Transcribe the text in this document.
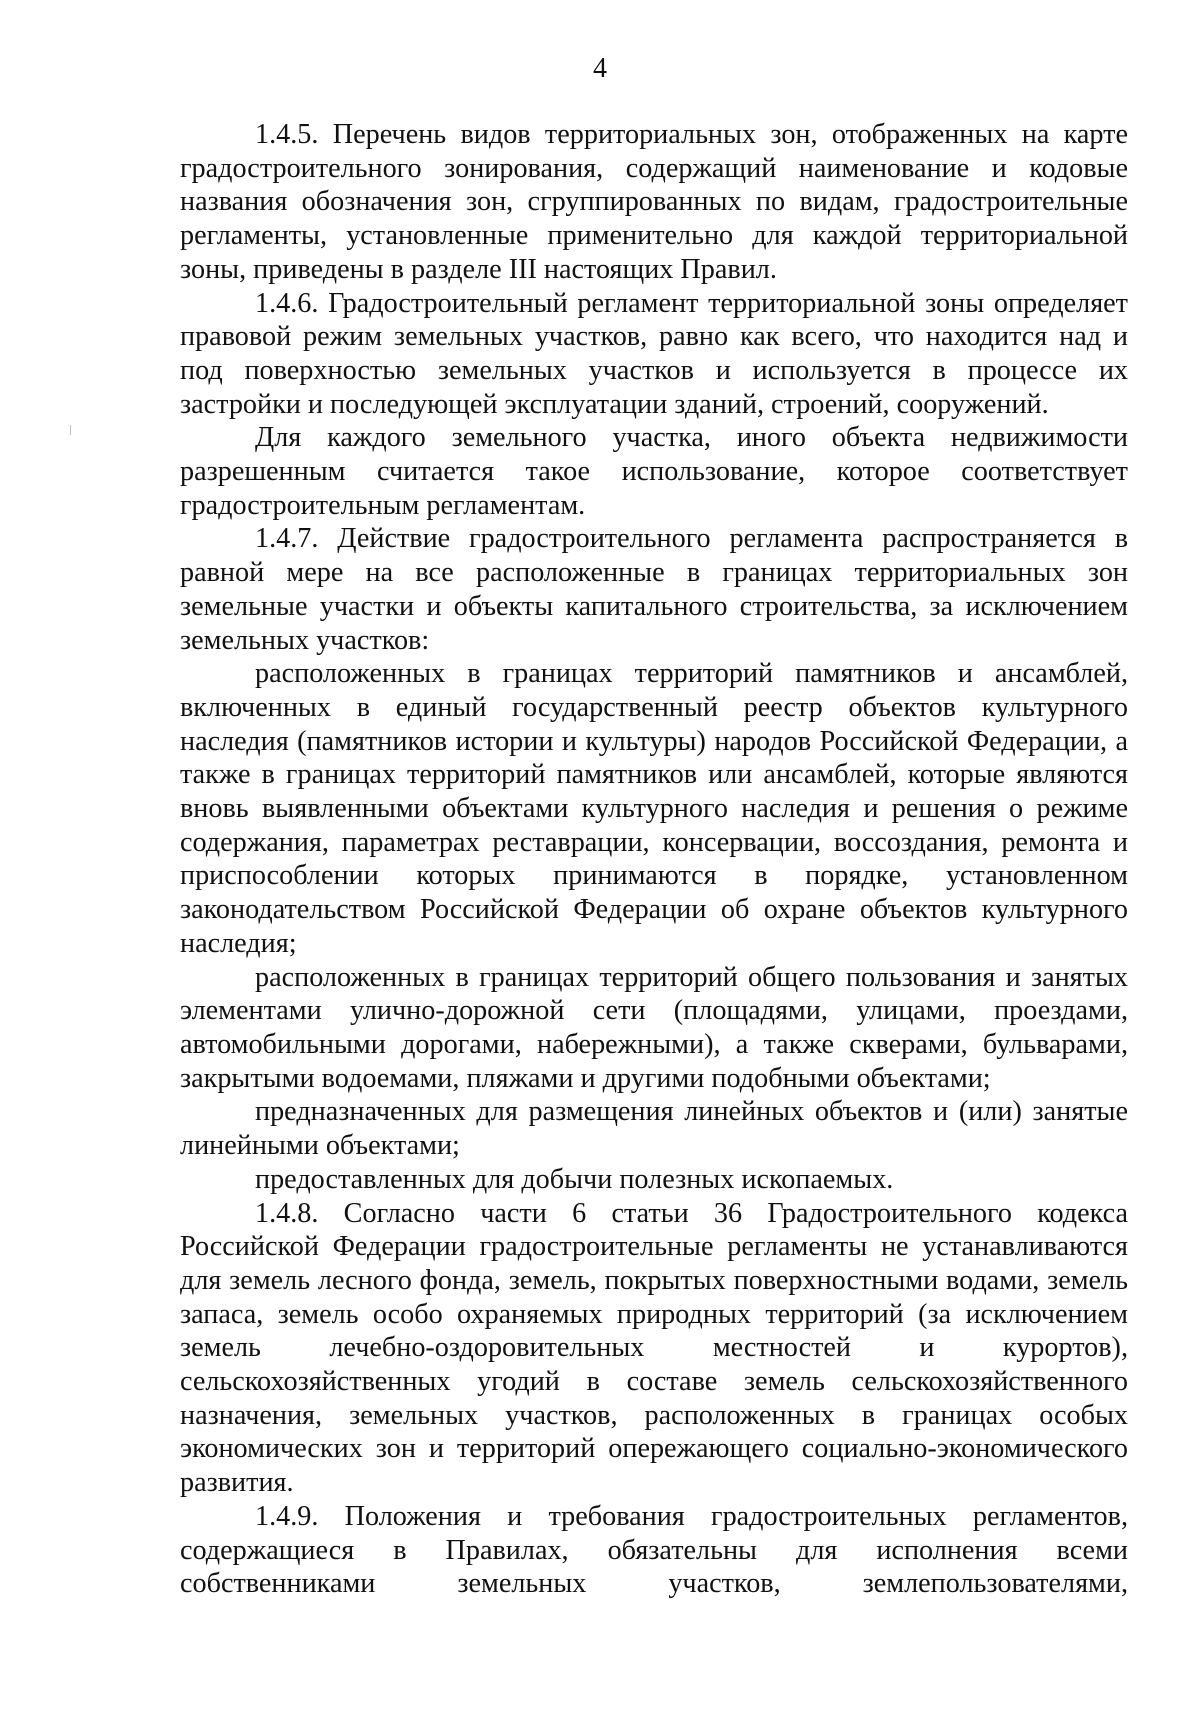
4

1.4.5. Перечень видов территориальных зон, отображенных на карте градостроительного зонирования, содержащий наименование и кодовые названия обозначения зон, сгруппированных по видам, градостроительные регламенты, установленные применительно для каждой территориальной зоны, приведены в разделе III настоящих Правил.

1.4.6. Градостроительный регламент территориальной зоны определяет правовой режим земельных участков, равно как всего, что находится над и под поверхностью земельных участков и используется в процессе их застройки и последующей эксплуатации зданий, строений, сооружений.

Для каждого земельного участка, иного объекта недвижимости разрешенным считается такое использование, которое соответствует градостроительным регламентам.

1.4.7. Действие градостроительного регламента распространяется в равной мере на все расположенные в границах территориальных зон земельные участки и объекты капитального строительства, за исключением земельных участков:

расположенных в границах территорий памятников и ансамблей, включенных в единый государственный реестр объектов культурного наследия (памятников истории и культуры) народов Российской Федерации, а также в границах территорий памятников или ансамблей, которые являются вновь выявленными объектами культурного наследия и решения о режиме содержания, параметрах реставрации, консервации, воссоздания, ремонта и приспособлении которых принимаются в порядке, установленном законодательством Российской Федерации об охране объектов культурного наследия;

расположенных в границах территорий общего пользования и занятых элементами улично-дорожной сети (площадями, улицами, проездами, автомобильными дорогами, набережными), а также скверами, бульварами, закрытыми водоемами, пляжами и другими подобными объектами;

предназначенных для размещения линейных объектов и (или) занятые линейными объектами;

предоставленных для добычи полезных ископаемых.

1.4.8. Согласно части 6 статьи 36 Градостроительного кодекса Российской Федерации градостроительные регламенты не устанавливаются для земель лесного фонда, земель, покрытых поверхностными водами, земель запаса, земель особо охраняемых природных территорий (за исключением земель лечебно-оздоровительных местностей и курортов), сельскохозяйственных угодий в составе земель сельскохозяйственного назначения, земельных участков, расположенных в границах особых экономических зон и территорий опережающего социально-экономического развития.

1.4.9. Положения и требования градостроительных регламентов, содержащиеся в Правилах, обязательны для исполнения всеми собственниками земельных участков, землепользователями,
